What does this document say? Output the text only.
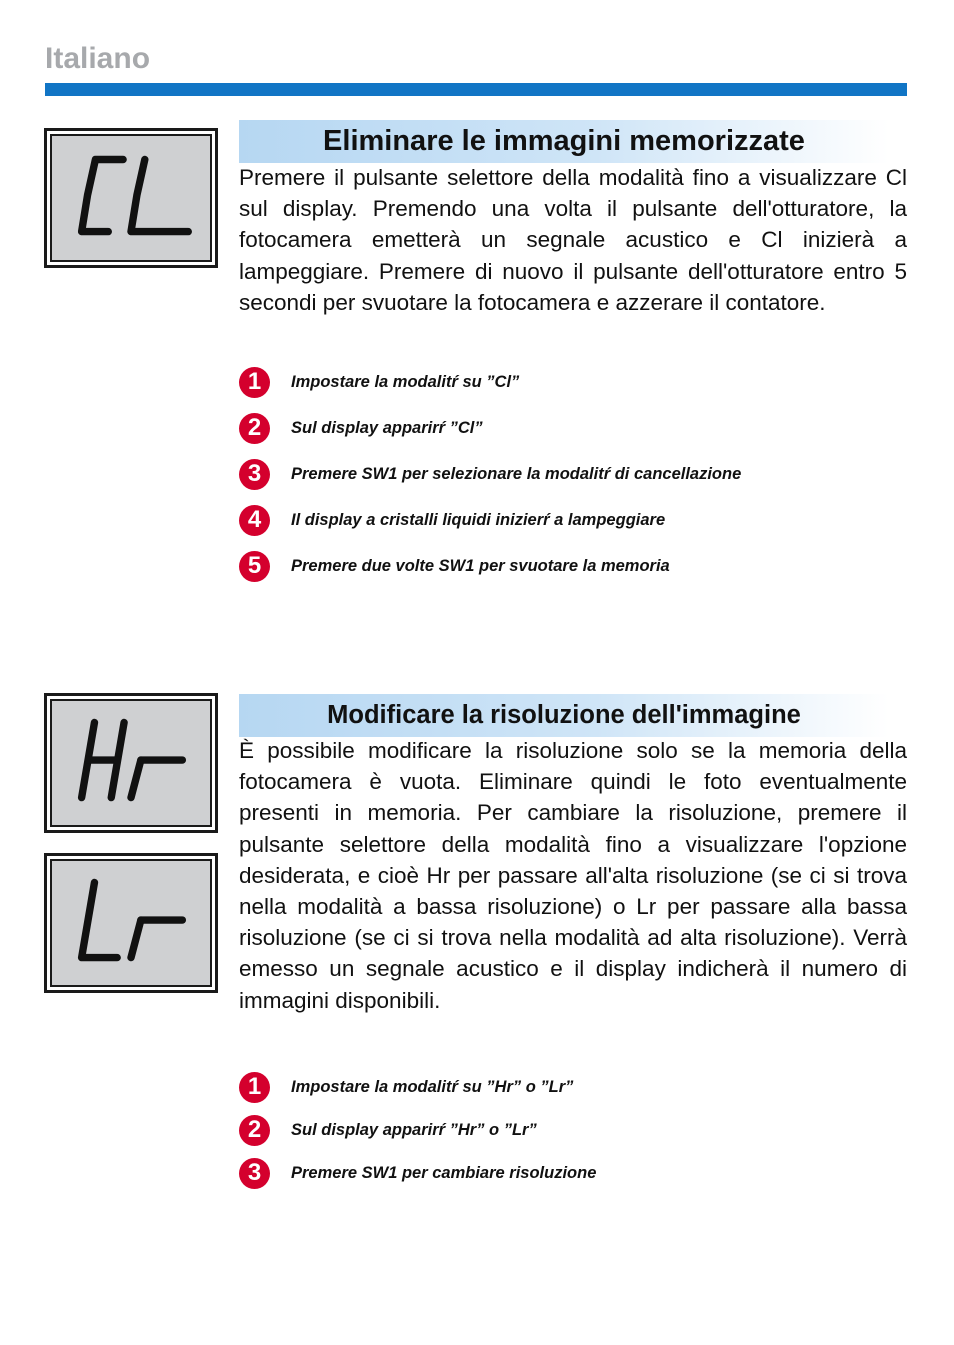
Italiano
CL	Eliminare le immagini memorizzate
Premere il pulsante selettore della modalità fino a visualizzare Cl sul display. Premendo una volta il pulsante dell'otturatore, la fotocamera emetterà un segnale acustico e Cl inizierà a lampeggiare. Premere di nuovo il pulsante dell'otturatore entro 5 secondi per svuotare la fotocamera e azzerare il contatore.
1	Impostare la modalitŕ su ”Cl”
2	Sul display apparirŕ ”Cl”
3	Premere SW1 per selezionare la modalitŕ di cancellazione
4	Il display a cristalli liquidi inizierŕ a lampeggiare
5	Premere due volte SW1 per svuotare la memoria
Hr
Lr
Modificare la risoluzione dell'immagine
È possibile modificare la risoluzione solo se la memoria della fotocamera è vuota. Eliminare quindi le foto eventualmente presenti in memoria. Per cambiare la risoluzione, premere il pulsante selettore della modalità fino a visualizzare l'opzione desiderata, e cioè Hr per passare all'alta risoluzione (se ci si trova nella modalità a bassa risoluzione) o Lr per passare alla bassa risoluzione (se ci si trova nella modalità ad alta risoluzione). Verrà emesso un segnale acustico e il display indicherà il numero di immagini disponibili.
1	Impostare la modalitŕ su ”Hr” o ”Lr”
2	Sul display apparirŕ ”Hr” o ”Lr”
3	Premere SW1 per cambiare risoluzione
